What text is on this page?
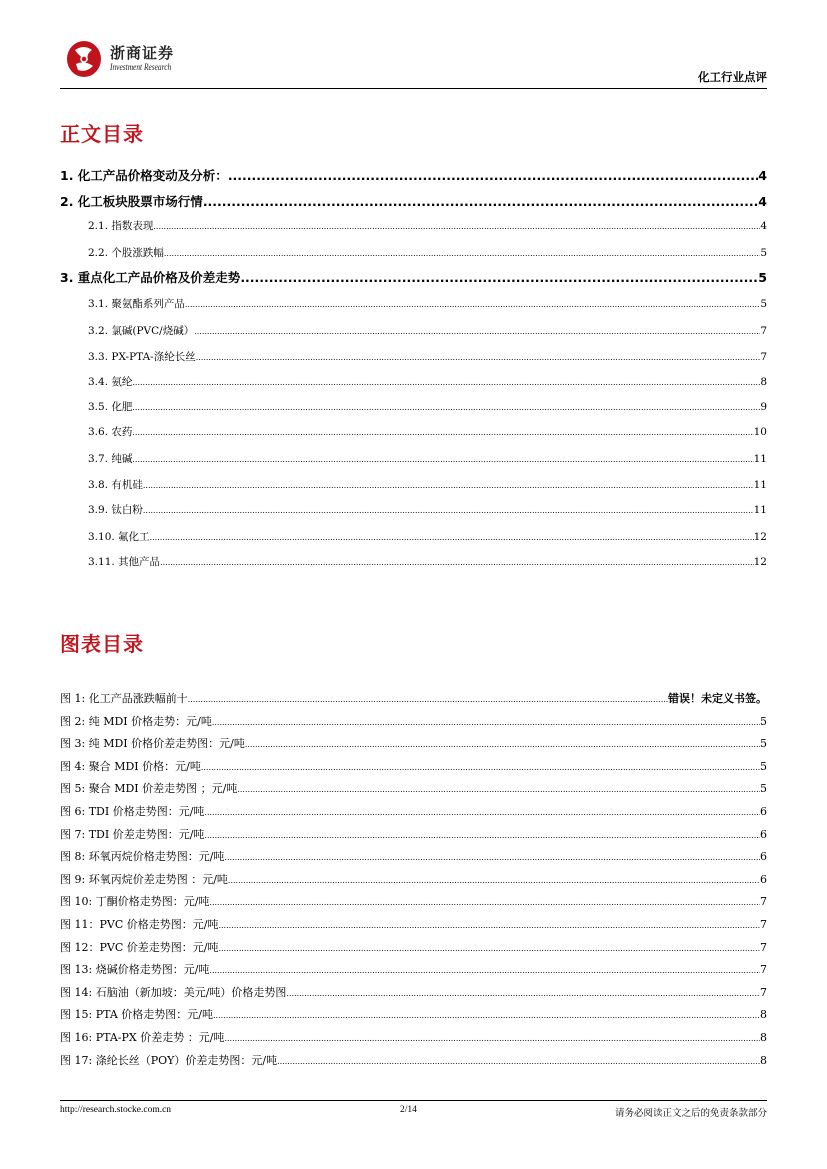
浙商证券
Investment Research
化工行业点评
正文目录
1. 化工产品价格变动及分析： .....	4
2. 化工板块股票市场行情 .....	4
2.1. 指数表现 .....	4
2.2. 个股涨跌幅 .....	5
3. 重点化工产品价格及价差走势 .....	5
3.1. 聚氨酯系列产品 .....	5
3.2. 氯碱(PVC/烧碱） .....	7
3.3. PX-PTA-涤纶长丝 .....	7
3.4. 氨纶 .....	8
3.5. 化肥 .....	9
3.6. 农药 .....	10
3.7. 纯碱 .....	11
3.8. 有机硅 .....	11
3.9. 钛白粉 .....	11
3.10. 氟化工 .....	12
3.11. 其他产品 .....	12
图表目录
图 1: 化工产品涨跌幅前十 .....	错误！未定义书签。
图 2: 纯 MDI 价格走势：元/吨 .....	5
图 3: 纯 MDI 价格价差走势图：元/吨 .....	5
图 4: 聚合 MDI 价格：元/吨 .....	5
图 5: 聚合 MDI 价差走势图 ；元/吨 .....	5
图 6: TDI 价格走势图：元/吨 .....	6
图 7: TDI 价差走势图：元/吨 .....	6
图 8: 环氧丙烷价格走势图：元/吨 .....	6
图 9: 环氧丙烷价差走势图 ：元/吨 .....	6
图 10: 丁酮价格走势图：元/吨 .....	7
图 11：PVC 价格走势图：元/吨 .....	7
图 12：PVC 价差走势图：元/吨 .....	7
图 13: 烧碱价格走势图：元/吨 .....	7
图 14: 石脑油（新加坡：美元/吨）价格走势图 .....	7
图 15: PTA 价格走势图：元/吨 .....	8
图 16: PTA-PX 价差走势 ：元/吨 .....	8
图 17: 涤纶长丝（POY）价差走势图：元/吨 .....	8
http://research.stocke.com.cn	2/14	请务必阅读正文之后的免责条款部分
